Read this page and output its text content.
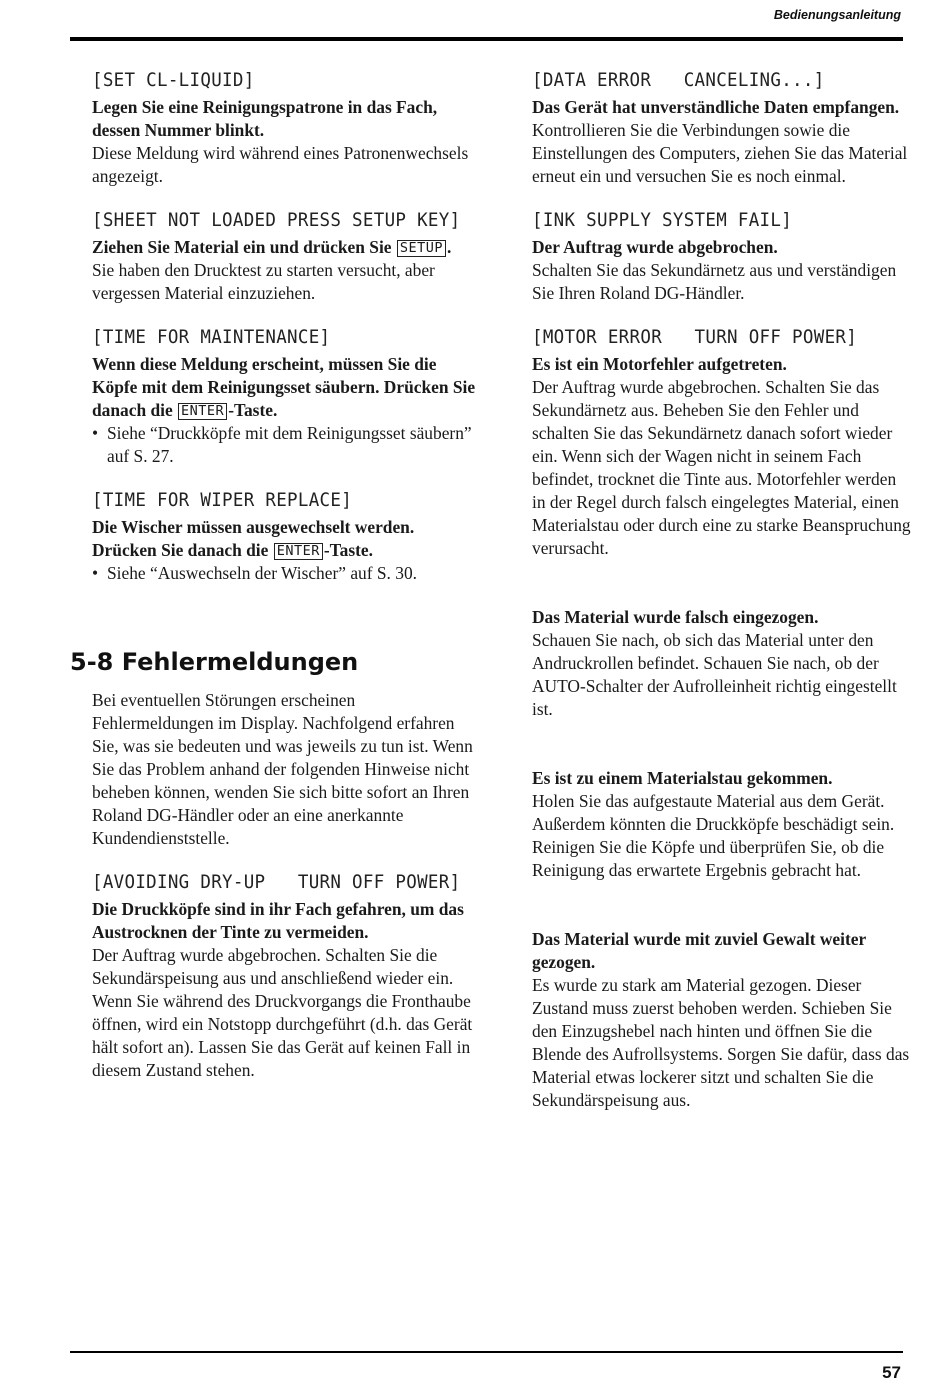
Bedienungsanleitung
[SET CL-LIQUID]
Legen Sie eine Reinigungspatrone in das Fach, dessen Nummer blinkt.
Diese Meldung wird während eines Patronenwechsels angezeigt.
[SHEET NOT LOADED PRESS SETUP KEY]
Ziehen Sie Material ein und drücken Sie SETUP .
Sie haben den Drucktest zu starten versucht, aber vergessen Material einzuziehen.
[TIME FOR MAINTENANCE]
Wenn diese Meldung erscheint, müssen Sie die Köpfe mit dem Reinigungsset säubern. Drücken Sie danach die ENTER -Taste.
• Siehe “Druckköpfe mit dem Reinigungsset säubern” auf S. 27.
[TIME FOR WIPER REPLACE]
Die Wischer müssen ausgewechselt werden. Drücken Sie danach die ENTER -Taste.
• Siehe “Auswechseln der Wischer” auf S. 30.
5-8 Fehlermeldungen
Bei eventuellen Störungen erscheinen Fehlermeldungen im Display. Nachfolgend erfahren Sie, was sie bedeuten und was jeweils zu tun ist. Wenn Sie das Problem anhand der folgenden Hinweise nicht beheben können, wenden Sie sich bitte sofort an Ihren Roland DG-Händler oder an eine anerkannte Kundendienststelle.
[AVOIDING DRY-UP   TURN OFF POWER]
Die Druckköpfe sind in ihr Fach gefahren, um das Austrocknen der Tinte zu vermeiden.
Der Auftrag wurde abgebrochen. Schalten Sie die Sekundärspeisung aus und anschließend wieder ein. Wenn Sie während des Druckvorgangs die Fronthaube öffnen, wird ein Notstopp durchgeführt (d.h. das Gerät hält sofort an). Lassen Sie das Gerät auf keinen Fall in diesem Zustand stehen.
[DATA ERROR   CANCELING...]
Das Gerät hat unverständliche Daten empfangen.
Kontrollieren Sie die Verbindungen sowie die Einstellungen des Computers, ziehen Sie das Material erneut ein und versuchen Sie es noch einmal.
[INK SUPPLY SYSTEM FAIL]
Der Auftrag wurde abgebrochen.
Schalten Sie das Sekundärnetz aus und verständigen Sie Ihren Roland DG-Händler.
[MOTOR ERROR   TURN OFF POWER]
Es ist ein Motorfehler aufgetreten.
Der Auftrag wurde abgebrochen. Schalten Sie das Sekundärnetz aus. Beheben Sie den Fehler und schalten Sie das Sekundärnetz danach sofort wieder ein. Wenn sich der Wagen nicht in seinem Fach befindet, trocknet die Tinte aus. Motorfehler werden in der Regel durch falsch eingelegtes Material, einen Materialstau oder durch eine zu starke Beanspruchung verursacht.
Das Material wurde falsch eingezogen.
Schauen Sie nach, ob sich das Material unter den Andruckrollen befindet. Schauen Sie nach, ob der AUTO-Schalter der Aufrolleinheit richtig eingestellt ist.
Es ist zu einem Materialstau gekommen.
Holen Sie das aufgestaute Material aus dem Gerät. Außerdem könnten die Druckköpfe beschädigt sein. Reinigen Sie die Köpfe und überprüfen Sie, ob die Reinigung das erwartete Ergebnis gebracht hat.
Das Material wurde mit zuviel Gewalt weiter gezogen.
Es wurde zu stark am Material gezogen. Dieser Zustand muss zuerst behoben werden. Schieben Sie den Einzugshebel nach hinten und öffnen Sie die Blende des Aufrollsystems. Sorgen Sie dafür, dass das Material etwas lockerer sitzt und schalten Sie die Sekundärspeisung aus.
57
